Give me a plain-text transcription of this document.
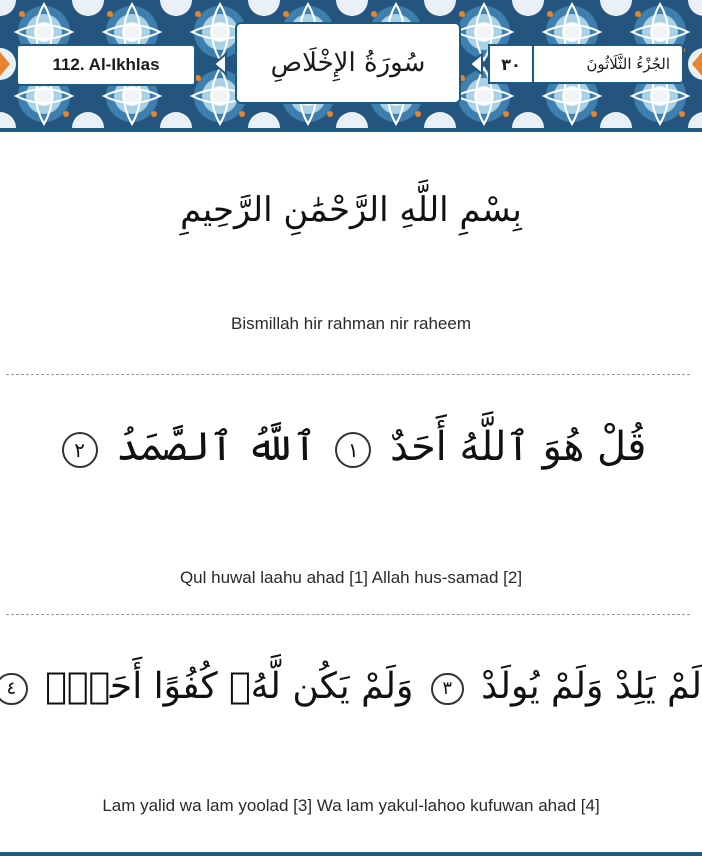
112. Al-Ikhlas	سُورَةُ الإِخْلَاصِ	الجُزْءُ الثَّلَاثُونَ
٣٠
بِسْمِ اللَّهِ الرَّحْمَٰنِ الرَّحِيمِ
Bismillah hir rahman nir raheem
قُلْ هُوَ ٱللَّهُ أَحَدٌ ١ ٱللَّهُ ٱلصَّمَدُ ٢
Qul huwal laahu ahad [1] Allah hus-samad [2]
لَمْ يَلِدْ وَلَمْ يُولَدْ ٣ وَلَمْ يَكُن لَّهُۥ كُفُوًا أَحَدٌۢ ٤
Lam yalid wa lam yoolad [3] Wa lam yakul-lahoo kufuwan ahad [4]
